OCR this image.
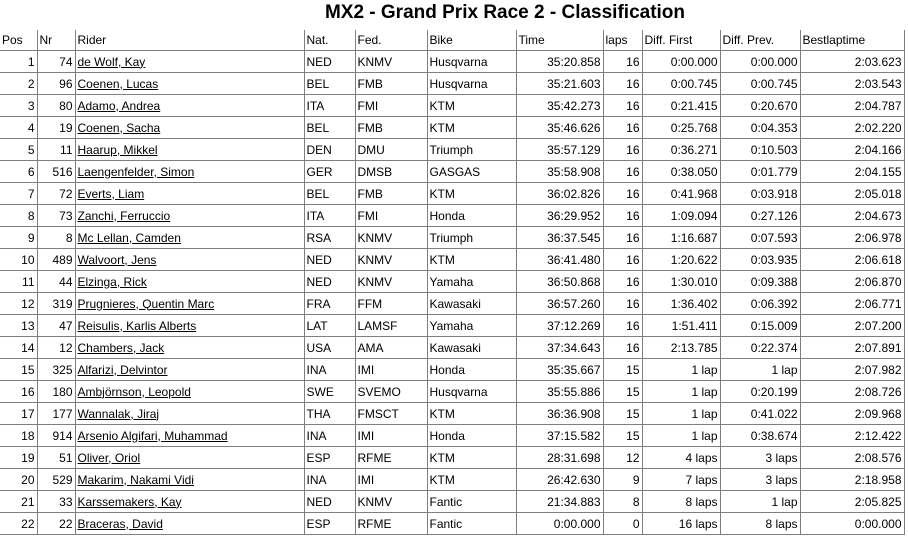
MX2 - Grand Prix Race 2 - Classification
Pos	Nr	Rider	Nat.	Fed.	Bike	Time	laps	Diff. First	Diff. Prev.	Bestlaptime
1	74	de Wolf, Kay	NED	KNMV	Husqvarna	35:20.858	16	0:00.000	0:00.000	2:03.623
2	96	Coenen, Lucas	BEL	FMB	Husqvarna	35:21.603	16	0:00.745	0:00.745	2:03.543
3	80	Adamo, Andrea	ITA	FMI	KTM	35:42.273	16	0:21.415	0:20.670	2:04.787
4	19	Coenen, Sacha	BEL	FMB	KTM	35:46.626	16	0:25.768	0:04.353	2:02.220
5	11	Haarup, Mikkel	DEN	DMU	Triumph	35:57.129	16	0:36.271	0:10.503	2:04.166
6	516	Laengenfelder, Simon	GER	DMSB	GASGAS	35:58.908	16	0:38.050	0:01.779	2:04.155
7	72	Everts, Liam	BEL	FMB	KTM	36:02.826	16	0:41.968	0:03.918	2:05.018
8	73	Zanchi, Ferruccio	ITA	FMI	Honda	36:29.952	16	1:09.094	0:27.126	2:04.673
9	8	Mc Lellan, Camden	RSA	KNMV	Triumph	36:37.545	16	1:16.687	0:07.593	2:06.978
10	489	Walvoort, Jens	NED	KNMV	KTM	36:41.480	16	1:20.622	0:03.935	2:06.618
11	44	Elzinga, Rick	NED	KNMV	Yamaha	36:50.868	16	1:30.010	0:09.388	2:06.870
12	319	Prugnieres, Quentin Marc	FRA	FFM	Kawasaki	36:57.260	16	1:36.402	0:06.392	2:06.771
13	47	Reisulis, Karlis Alberts	LAT	LAMSF	Yamaha	37:12.269	16	1:51.411	0:15.009	2:07.200
14	12	Chambers, Jack	USA	AMA	Kawasaki	37:34.643	16	2:13.785	0:22.374	2:07.891
15	325	Alfarizi, Delvintor	INA	IMI	Honda	35:35.667	15	1 lap	1 lap	2:07.982
16	180	Ambjörnson, Leopold	SWE	SVEMO	Husqvarna	35:55.886	15	1 lap	0:20.199	2:08.726
17	177	Wannalak, Jiraj	THA	FMSCT	KTM	36:36.908	15	1 lap	0:41.022	2:09.968
18	914	Arsenio Algifari, Muhammad	INA	IMI	Honda	37:15.582	15	1 lap	0:38.674	2:12.422
19	51	Oliver, Oriol	ESP	RFME	KTM	28:31.698	12	4 laps	3 laps	2:08.576
20	529	Makarim, Nakami Vidi	INA	IMI	KTM	26:42.630	9	7 laps	3 laps	2:18.958
21	33	Karssemakers, Kay	NED	KNMV	Fantic	21:34.883	8	8 laps	1 lap	2:05.825
22	22	Braceras, David	ESP	RFME	Fantic	0:00.000	0	16 laps	8 laps	0:00.000
